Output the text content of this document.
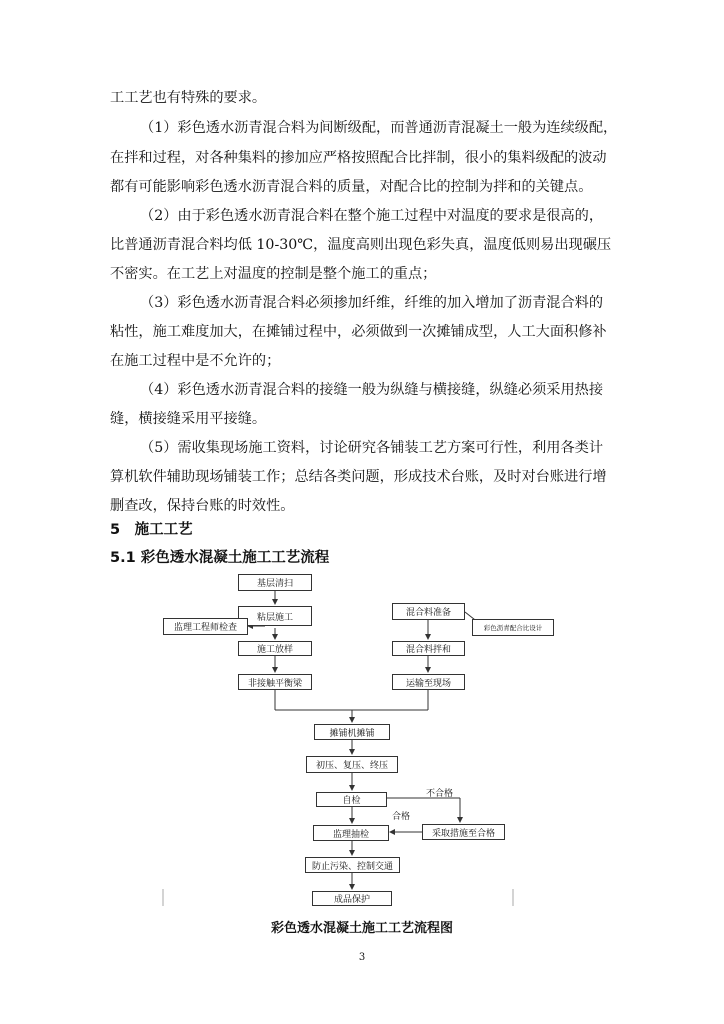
工工艺也有特殊的要求。
（1）彩色透水沥青混合料为间断级配，而普通沥青混凝土一般为连续级配，
在拌和过程，对各种集料的掺加应严格按照配合比拌制，很小的集料级配的波动
都有可能影响彩色透水沥青混合料的质量，对配合比的控制为拌和的关键点。
（2）由于彩色透水沥青混合料在整个施工过程中对温度的要求是很高的，
比普通沥青混合料均低 10-30℃，温度高则出现色彩失真，温度低则易出现碾压
不密实。在工艺上对温度的控制是整个施工的重点；
（3）彩色透水沥青混合料必须掺加纤维，纤维的加入增加了沥青混合料的
粘性，施工难度加大，在摊铺过程中，必须做到一次摊铺成型，人工大面积修补
在施工过程中是不允许的；
（4）彩色透水沥青混合料的接缝一般为纵缝与横接缝，纵缝必须采用热接
缝，横接缝采用平接缝。
（5）需收集现场施工资料，讨论研究各铺装工艺方案可行性，利用各类计
算机软件辅助现场铺装工作；总结各类问题，形成技术台账，及时对台账进行增
删查改，保持台账的时效性。
5　施工工艺
5.1 彩色透水混凝土施工工艺流程
基层清扫
粘层施工
监理工程师检查
施工放样
非接触平衡梁
混合料准备
彩色沥青配合比设计
混合料拌和
运输至现场
摊铺机摊铺
初压、复压、终压
自检
监理抽检	采取措施至合格
防止污染、控制交通
成品保护
不合格
合格
彩色透水混凝土施工工艺流程图
3
